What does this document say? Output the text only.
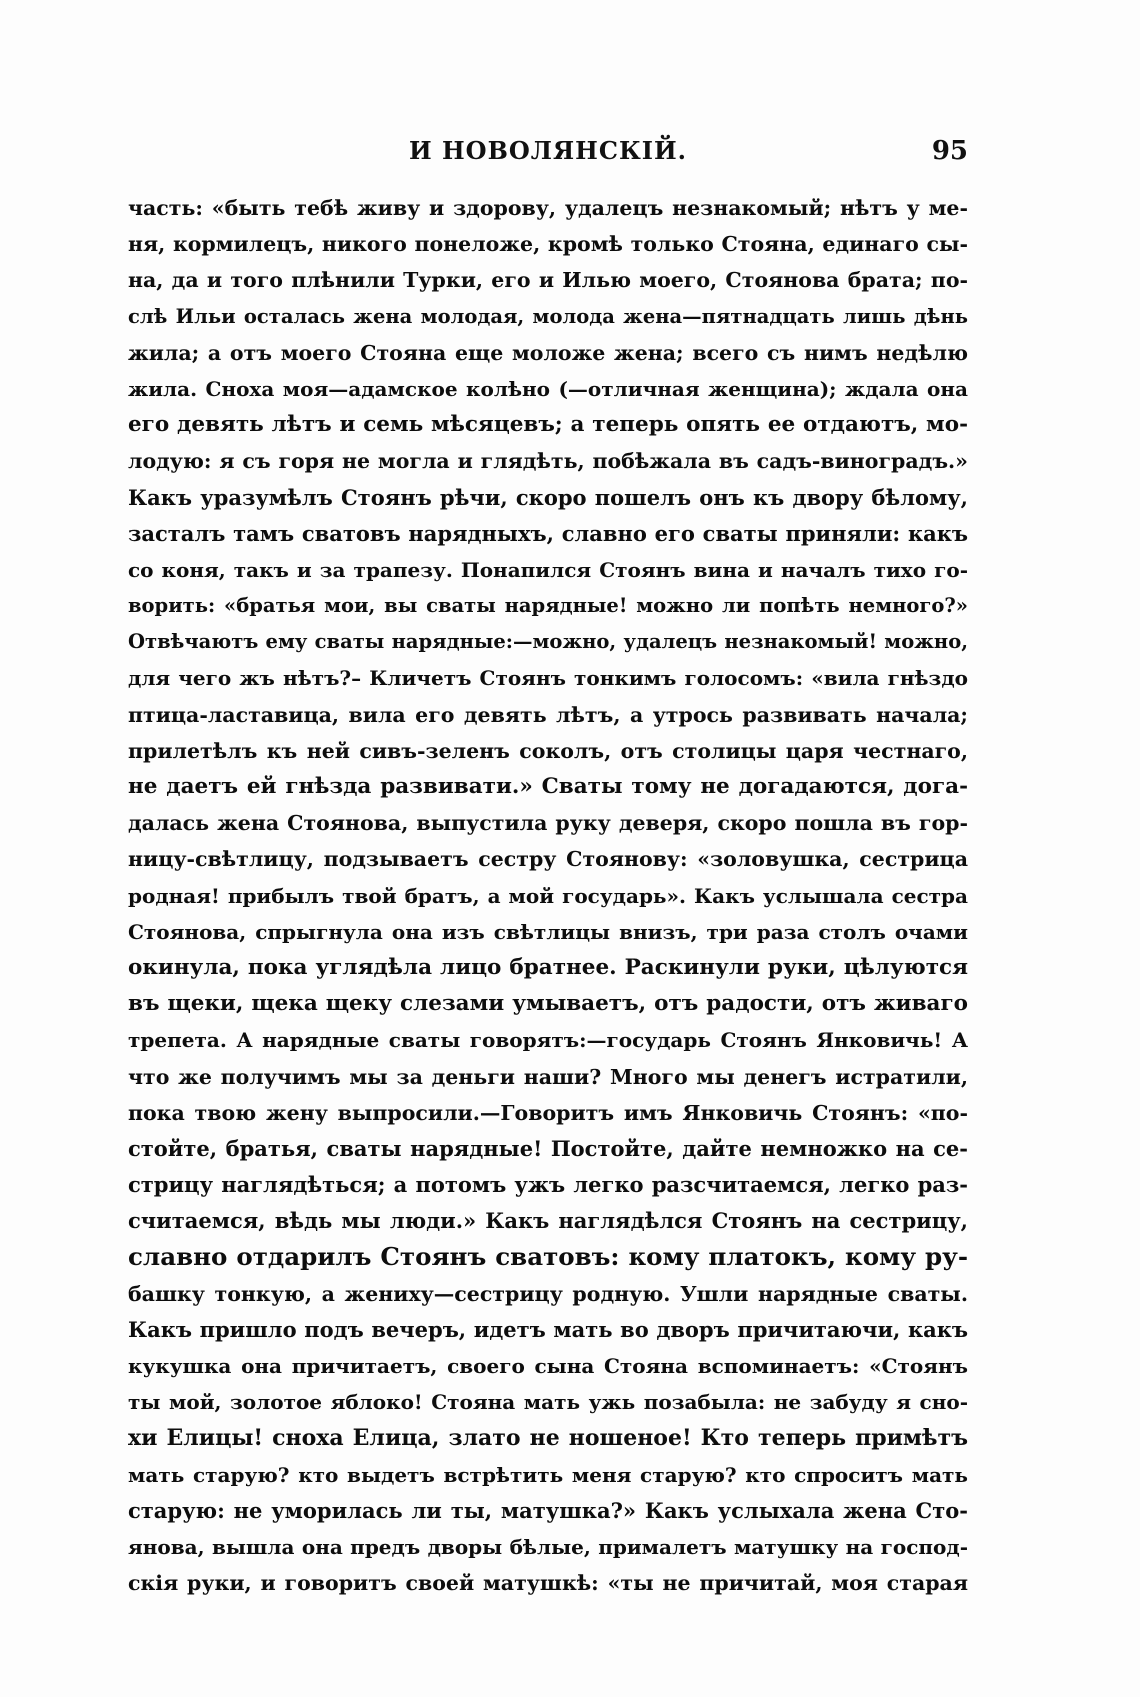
И НОВОЛЯНСКІЙ.	95
часть: «быть тебѣ живу и здорову, удалецъ незнакомый; нѣтъ у ме-
ня, кормилецъ, никого понеложе, кромѣ только Стояна, единаго сы-
на, да и того плѣнили Турки, его и Илью моего, Стоянова брата; по-
слѣ Ильи осталась жена молодая, молода жена—пятнадцать лишь дѣнь
жила; а отъ моего Стояна еще моложе жена; всего съ нимъ недѣлю
жила. Сноха моя—адамское колѣно (—отличная женщина); ждала она
его девять лѣтъ и семь мѣсяцевъ; а теперь опять ее отдаютъ, мо-
лодую: я съ горя не могла и глядѣть, побѣжала въ садъ-виноградъ.»
Какъ уразумѣлъ Стоянъ рѣчи, скоро пошелъ онъ къ двору бѣлому,
засталъ тамъ сватовъ нарядныхъ, славно его сваты приняли: какъ
со коня, такъ и за трапезу. Понапился Стоянъ вина и началъ тихо го-
ворить: «братья мои, вы сваты нарядные! можно ли попѣть немного?»
Отвѣчаютъ ему сваты нарядные:—можно, удалецъ незнакомый! можно,
для чего жъ нѣтъ?– Кличетъ Стоянъ тонкимъ голосомъ: «вила гнѣздо
птица-ластавица, вила его девять лѣтъ, а утрось развивать начала;
прилетѣлъ къ ней сивъ-зеленъ соколъ, отъ столицы царя честнаго,
не даетъ ей гнѣзда развивати.» Сваты тому не догадаются, дога-
далась жена Стоянова, выпустила руку деверя, скоро пошла въ гор-
ницу-свѣтлицу, подзываетъ сестру Стоянову: «золовушка, сестрица
родная! прибылъ твой братъ, а мой государь». Какъ услышала сестра
Стоянова, спрыгнула она изъ свѣтлицы внизъ, три раза столъ очами
окинула, пока углядѣла лицо братнее. Раскинули руки, цѣлуются
въ щеки, щека щеку слезами умываетъ, отъ радости, отъ живаго
трепета. А нарядные сваты говорятъ:—государь Стоянъ Янковичь! А
что же получимъ мы за деньги наши? Много мы денегъ истратили,
пока твою жену выпросили.—Говоритъ имъ Янковичь Стоянъ: «по-
стойте, братья, сваты нарядные! Постойте, дайте немножко на се-
стрицу наглядѣться; а потомъ ужъ легко разсчитаемся, легко раз-
считаемся, вѣдь мы люди.» Какъ наглядѣлся Стоянъ на сестрицу,
славно отдарилъ Стоянъ сватовъ: кому платокъ, кому ру-
башку тонкую, а жениху—сестрицу родную. Ушли нарядные сваты.
Какъ пришло подъ вечеръ, идетъ мать во дворъ причитаючи, какъ
кукушка она причитаетъ, своего сына Стояна вспоминаетъ: «Стоянъ
ты мой, золотое яблоко! Стояна мать ужь позабыла: не забуду я сно-
хи Елицы! сноха Елица, злато не ношеное! Кто теперь примѣтъ
мать старую? кто выдетъ встрѣтить меня старую? кто спроситъ мать
старую: не уморилась ли ты, матушка?» Какъ услыхала жена Сто-
янова, вышла она предъ дворы бѣлые, прималетъ матушку на господ-
скія руки, и говоритъ своей матушкѣ: «ты не причитай, моя старая
